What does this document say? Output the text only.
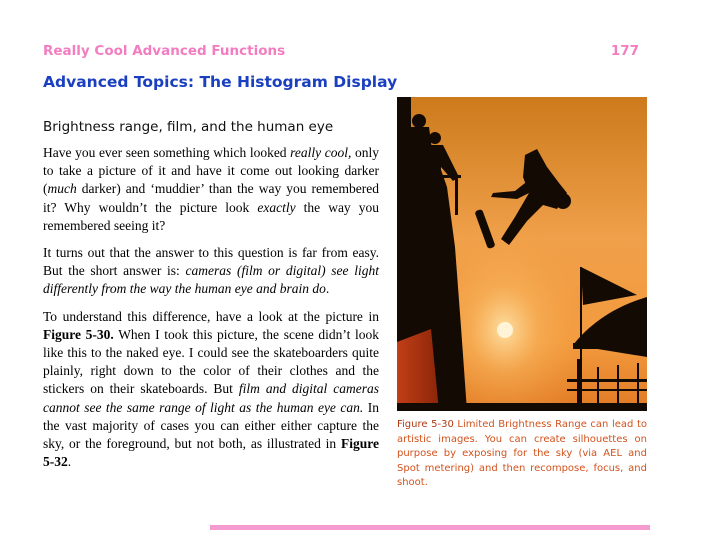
Really Cool Advanced Functions	177
Advanced Topics: The Histogram Display
Brightness range, film, and the human eye

Have you ever seen something which looked really cool, only to take a picture of it and have it come out looking darker (much darker) and ‘muddier’ than the way you remembered it? Why wouldn’t the picture look exactly the way you remembered seeing it?

It turns out that the answer to this question is far from easy. But the short answer is: cameras (film or digital) see light differently from the way the human eye and brain do.

To understand this difference, have a look at the picture in Figure 5-30. When I took this picture, the scene didn’t look like this to the naked eye. I could see the skateboarders quite plainly, right down to the color of their clothes and the stickers on their skateboards. But film and digital cameras cannot see the same range of light as the human eye can. In the vast majority of cases you can either either capture the sky, or the foreground, but not both, as illustrated in Figure 5-32.

Figure 5-30 Limited Brightness Range can lead to artistic images. You can create silhouettes on purpose by exposing for the sky (via AEL and Spot metering) and then recompose, focus, and shoot.
